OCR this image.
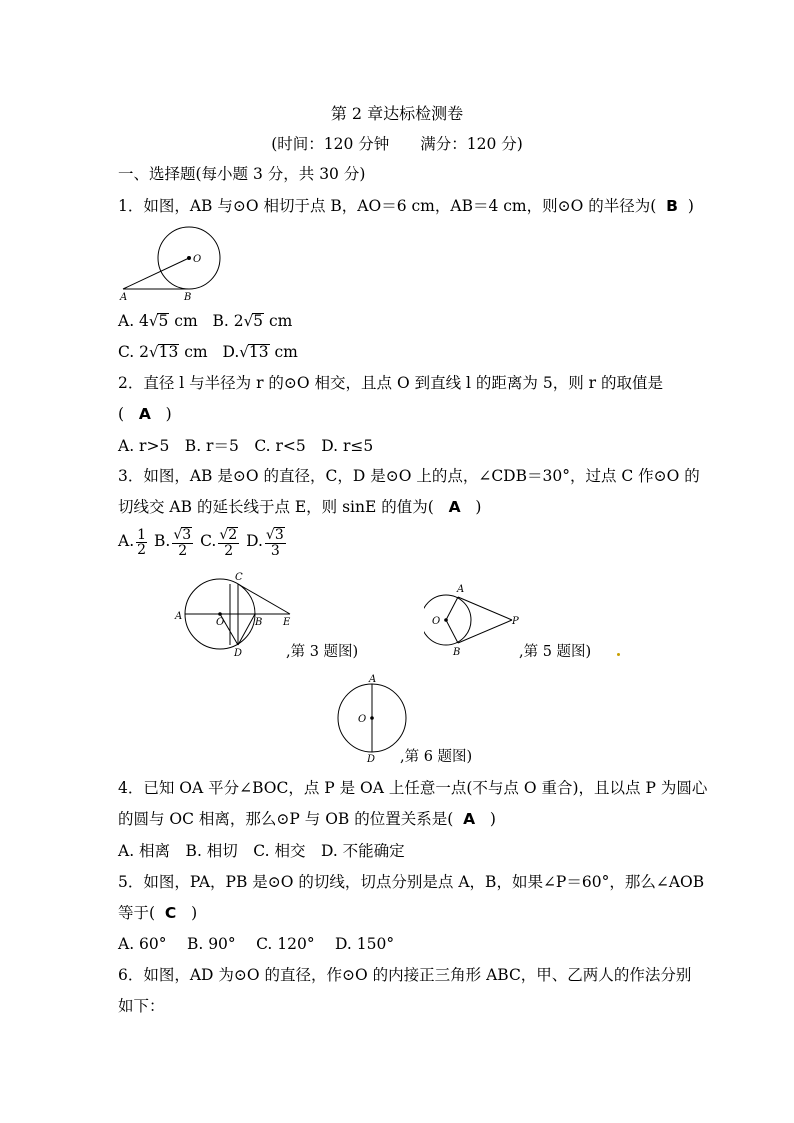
第 2 章达标检测卷
(时间：120 分钟　　满分：120 分)
一、选择题(每小题 3 分，共 30 分)
1．如图，AB 与⊙O 相切于点 B，AO＝6 cm，AB＝4 cm，则⊙O 的半径为( B )
O
A	B
A. 4√5 cm B. 2√5 cm
C. 2√13 cm D.√13 cm
2．直径 l 与半径为 r 的⊙O 相交，且点 O 到直线 l 的距离为 5，则 r 的取值是
( A )
A. r>5　B. r＝5　C. r<5　D. r≤5
3．如图，AB 是⊙O 的直径，C，D 是⊙O 上的点，∠CDB＝30°，过点 C 作⊙O 的
切线交 AB 的延长线于点 E，则 sinE 的值为( A )
A. $\frac{1}{2} B$. $\frac{√3}{2} C$. $\frac{√2}{2} D$. $\frac{√3}{3}$
C
A
O	B E
D	,第 3 题图)
A
O	P
B	,第 5 题图)
A
O
D ,第 6 题图)
4．已知 OA 平分∠BOC，点 P 是 OA 上任意一点(不与点 O 重合)，且以点 P 为圆心
的圆与 OC 相离，那么⊙P 与 OB 的位置关系是( A )
A. 相离　B. 相切　C. 相交　D. 不能确定
5．如图，PA，PB 是⊙O 的切线，切点分别是点 A，B，如果∠P＝60°，那么∠AOB
等于( C )
A. 60°　 B. 90°　 C. 120°　 D. 150°
6．如图，AD 为⊙O 的直径，作⊙O 的内接正三角形 ABC，甲、乙两人的作法分别
如下：
